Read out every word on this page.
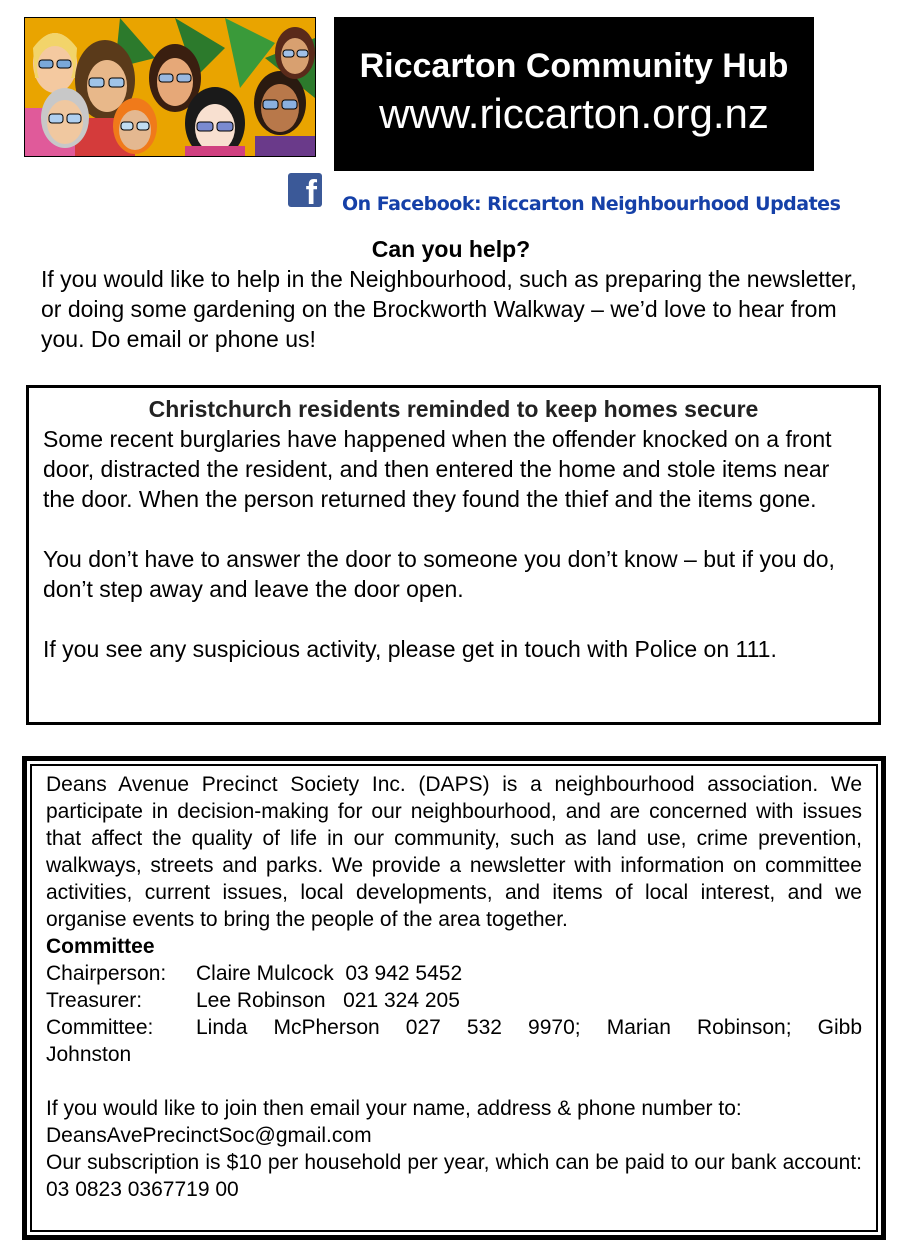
Riccarton Community Hub
www.riccarton.org.nz
f On Facebook: Riccarton Neighbourhood Updates
Can you help?
If you would like to help in the Neighbourhood, such as preparing the newsletter, or doing some gardening on the Brockworth Walkway – we’d love to hear from you. Do email or phone us!
Christchurch residents reminded to keep homes secure

Some recent burglaries have happened when the offender knocked on a front door, distracted the resident, and then entered the home and stole items near the door. When the person returned they found the thief and the items gone.

You don’t have to answer the door to someone you don’t know – but if you do, don’t step away and leave the door open.

If you see any suspicious activity, please get in touch with Police on 111.

Deans Avenue Precinct Society Inc. (DAPS) is a neighbourhood association. We participate in decision-making for our neighbourhood, and are concerned with issues that affect the quality of life in our community, such as land use, crime prevention, walkways, streets and parks. We provide a newsletter with information on committee activities, current issues, local developments, and items of local interest, and we organise events to bring the people of the area together.

Committee
Chairperson:	Claire Mulcock  03 942 5452
Treasurer:	Lee Robinson   021 324 205
Committee:	Linda McPherson 027 532 9970; Marian Robinson; Gibb
Johnston

If you would like to join then email your name, address & phone number to:

DeansAvePrecinctSoc@gmail.com

Our subscription is $10 per household per year, which can be paid to our bank account: 03 0823 0367719 00
